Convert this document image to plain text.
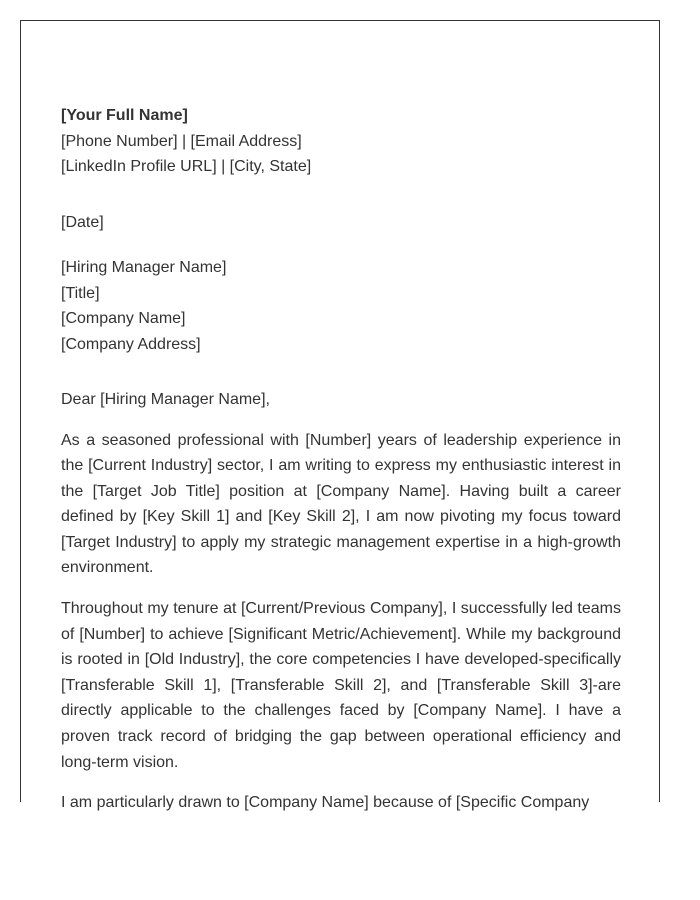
[Your Full Name]
[Phone Number] | [Email Address]
[LinkedIn Profile URL] | [City, State]
[Date]
[Hiring Manager Name]
[Title]
[Company Name]
[Company Address]
Dear [Hiring Manager Name],

As a seasoned professional with [Number] years of leadership experience in the [Current Industry] sector, I am writing to express my enthusiastic interest in the [Target Job Title] position at [Company Name]. Having built a career defined by [Key Skill 1] and [Key Skill 2], I am now pivoting my focus toward [Target Industry] to apply my strategic management expertise in a high-growth environment.

Throughout my tenure at [Current/Previous Company], I successfully led teams of [Number] to achieve [Significant Metric/Achievement]. While my background is rooted in [Old Industry], the core competencies I have developed-specifically [Transferable Skill 1], [Transferable Skill 2], and [Transferable Skill 3]-are directly applicable to the challenges faced by [Company Name]. I have a proven track record of bridging the gap between operational efficiency and long-term vision.

I am particularly drawn to [Company Name] because of [Specific Company
